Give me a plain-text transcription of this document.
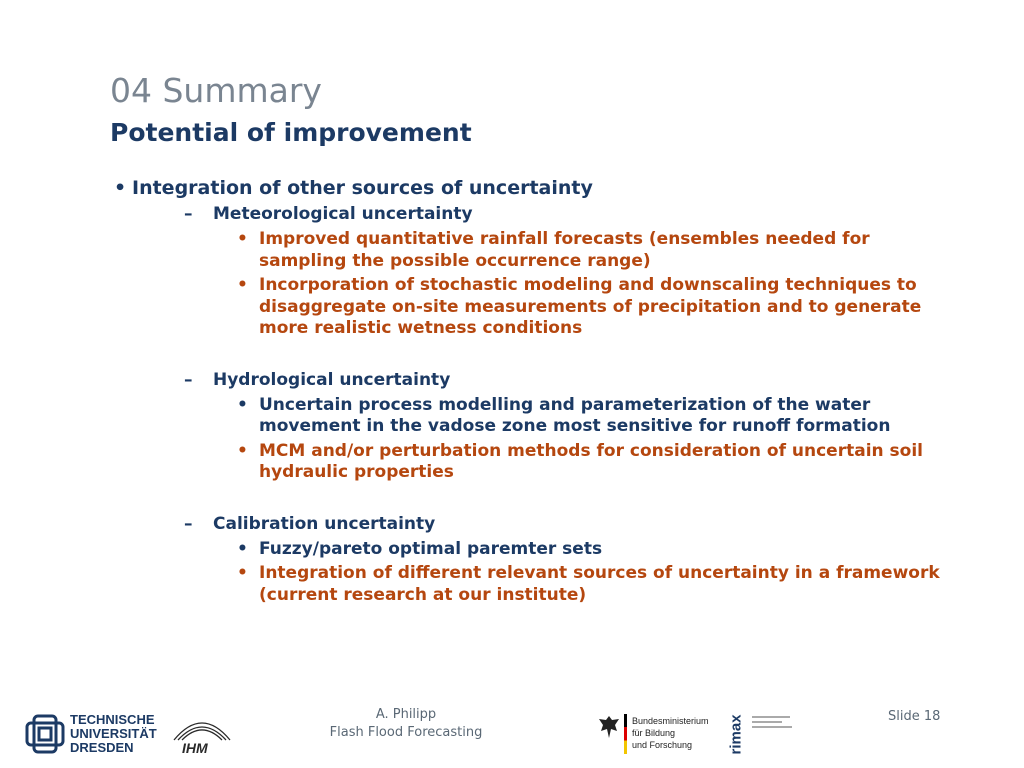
04 Summary
Potential of improvement
• Integration of other sources of uncertainty
–	Meteorological uncertainty
• Improved quantitative rainfall forecasts (ensembles needed for sampling the possible occurrence range)
• Incorporation of stochastic modeling and downscaling techniques to disaggregate on-site measurements of precipitation and to generate more realistic wetness conditions
–	Hydrological uncertainty
• Uncertain process modelling and parameterization of the water movement in the vadose zone most sensitive for runoff formation
• MCM and/or perturbation methods for consideration of uncertain soil hydraulic properties
–	Calibration uncertainty
• Fuzzy/pareto optimal paremter sets
• Integration of different relevant sources of uncertainty in a framework (current research at our institute)
TECHNISCHE
UNIVERSITÄT
DRESDEN	IHM
A. Philipp
Flash Flood Forecasting
Bundesministerium
für Bildung
und Forschung	rimax	Slide 18
